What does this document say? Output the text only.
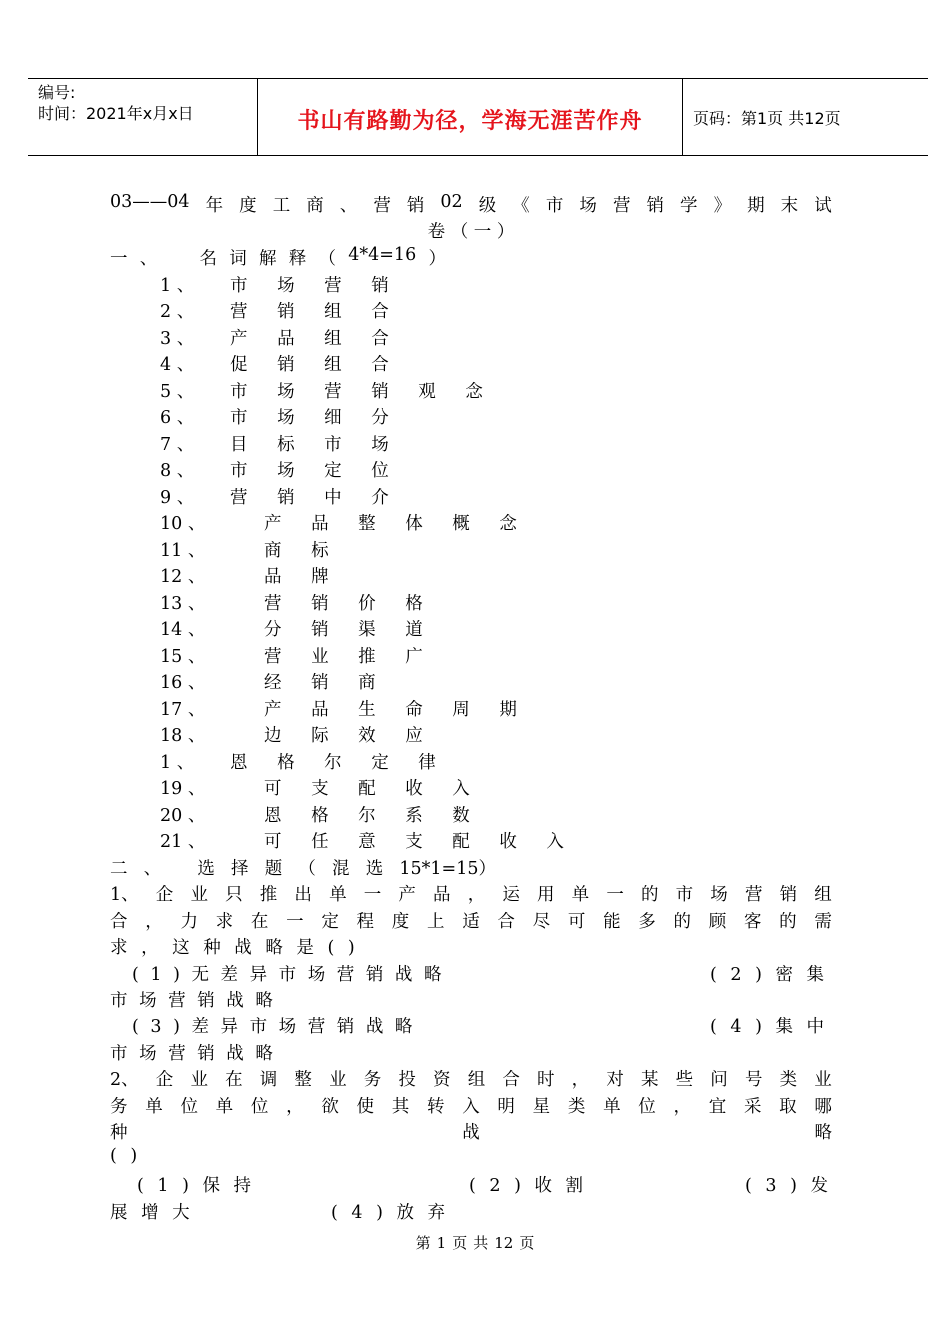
编号:
时间：2021年x月x日	书山有路勤为径，学海无涯苦作舟	页码：第1页 共12页
03——04 年 度 工 商 、 营 销 02 级 《 市 场 营 销 学 》 期 末 试
卷 （ 一 ）
一 、 名 词 解 释 （ 4*4=16 ）
1 、 市 场 营 销
2 、 营 销 组 合
3 、 产 品 组 合
4 、 促 销 组 合
5 、 市 场 营 销 观 念
6 、 市 场 细 分
7 、 目 标 市 场
8 、 市 场 定 位
9 、 营 销 中 介
10 、	产 品 整 体 概 念
11 、	商 标
12 、	品 牌
13 、	营 销 价 格
14 、	分 销 渠 道
15 、	营 业 推 广
16 、	经 销 商
17 、	产 品 生 命 周 期
18 、	边 际 效 应
1 、 恩 格 尔 定 律
19 、	可 支 配 收 入
20 、	恩 格 尔 系 数
21 、	可 任 意 支 配 收 入
二 、 选 择 题 （ 混 选 15*1=15）
1、 企 业 只 推 出 单 一 产 品 ， 运 用 单 一 的 市 场 营 销 组
合 ， 力 求 在 一 定 程 度 上 适 合 尽 可 能 多 的 顾 客 的 需
求 ， 这 种 战 略 是 ( )
( 1 ) 无 差 异 市 场 营 销 战 略	( 2 ) 密 集
市 场 营 销 战 略
( 3 ) 差 异 市 场 营 销 战 略	( 4 ) 集 中
市 场 营 销 战 略
2、 企 业 在 调 整 业 务 投 资 组 合 时 ， 对 某 些 问 号 类 业
务 单 位 单 位 ， 欲 使 其 转 入 明 星 类 单 位 ， 宜 采 取 哪
种	战	略
( )
( 1 ) 保 持	( 2 ) 收 割	( 3 ) 发
展 增 大	( 4 ) 放 弃
第 1 页 共 12 页
